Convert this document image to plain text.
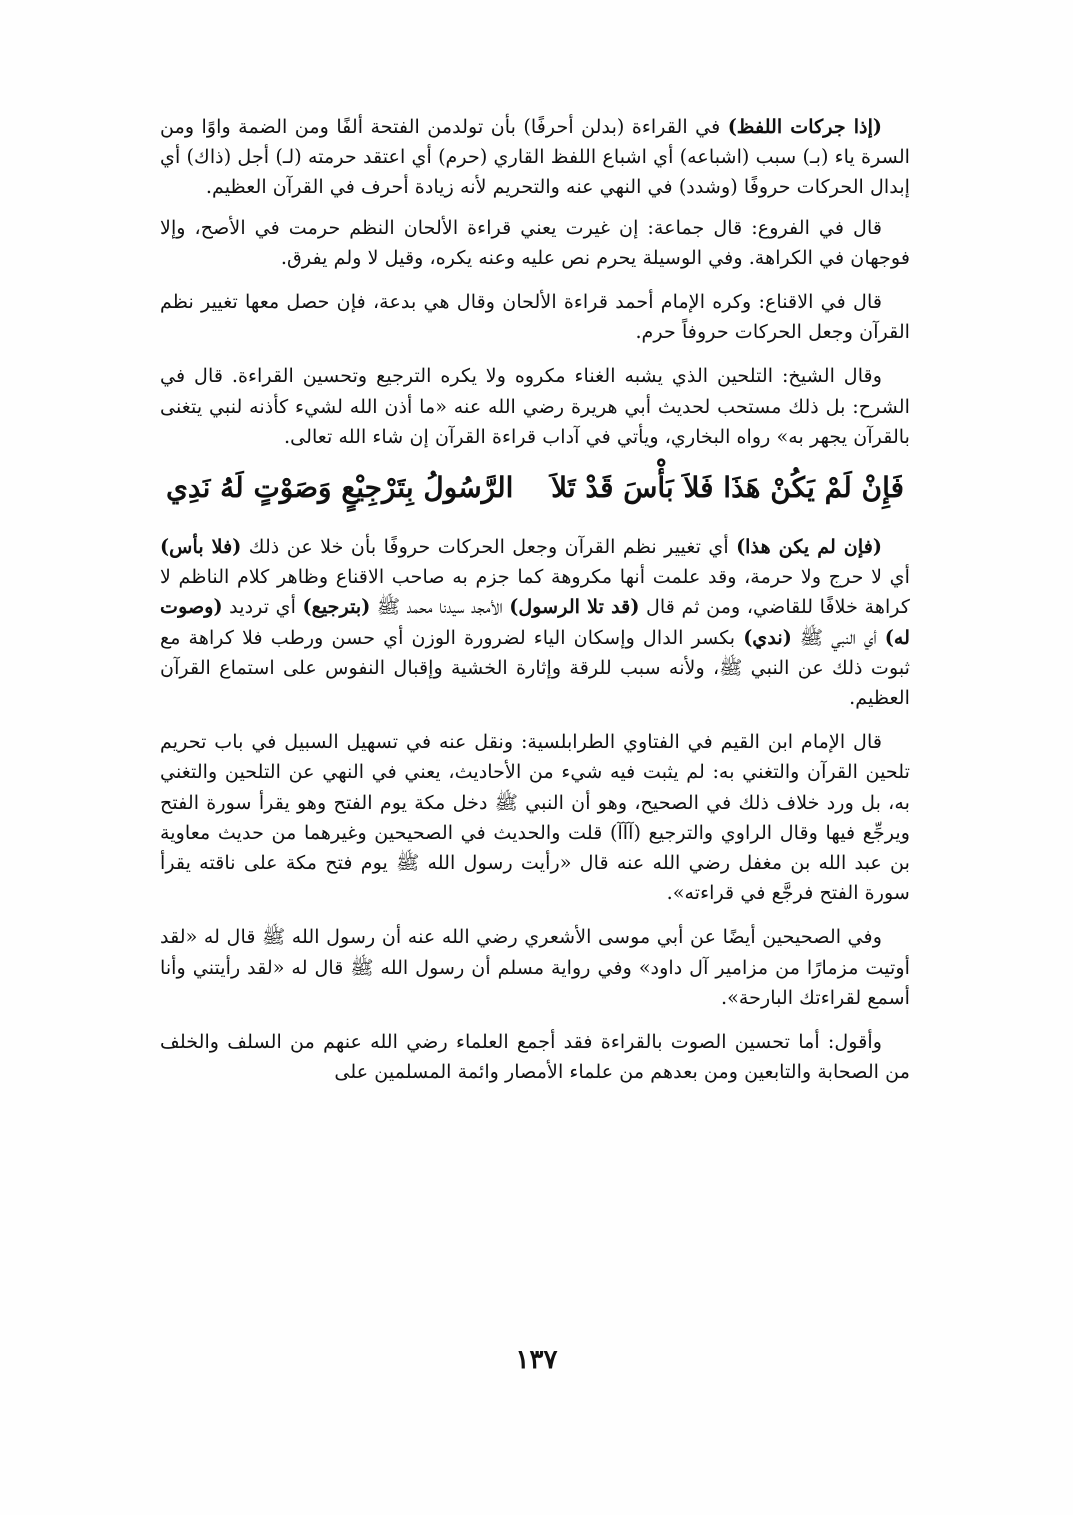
(إذا جركات اللفظ) في القراءة (بدلن أحرفًا) بأن تولدمن الفتحة ألفًا ومن الضمة واوًا ومن السرة ياء (بـ) سبب (اشباعه) أي اشباع اللفظ القاري (حرم) أي اعتقد حرمته (لـ) أجل (ذاك) أي إبدال الحركات حروفًا (وشدد) في النهي عنه والتحريم لأنه زيادة أحرف في القرآن العظيم.

قال في الفروع: قال جماعة: إن غيرت يعني قراءة الألحان النظم حرمت في الأصح، وإلا فوجهان في الكراهة. وفي الوسيلة يحرم نص عليه وعنه يكره، وقيل لا ولم يفرق.

قال في الاقناع: وكره الإمام أحمد قراءة الألحان وقال هي بدعة، فإن حصل معها تغيير نظم القرآن وجعل الحركات حروفاً حرم.

وقال الشيخ: التلحين الذي يشبه الغناء مكروه ولا يكره الترجيع وتحسين القراءة. قال في الشرح: بل ذلك مستحب لحديث أبي هريرة رضي الله عنه «ما أذن الله لشيء كأذنه لنبي يتغنى بالقرآن يجهر به» رواه البخاري، ويأتي في آداب قراءة القرآن إن شاء الله تعالى.

فَإِنْ لَمْ يَكُنْ هَذَا فَلاَ بَأْسَ قَدْ تَلاَ
الرَّسُولُ بِتَرْجِيْعٍ وَصَوْتٍ لَهُ نَدِي

(فإن لم يكن هذا) أي تغيير نظم القرآن وجعل الحركات حروفًا بأن خلا عن ذلك (فلا بأس) أي لا حرج ولا حرمة، وقد علمت أنها مكروهة كما جزم به صاحب الاقناع وظاهر كلام الناظم لا كراهة خلافًا للقاضي، ومن ثم قال (قد تلا الرسول) الأمجد سيدنا محمد ﷺ (بترجيع) أي ترديد (وصوت له) أي النبي ﷺ (ندي) بكسر الدال وإسكان الياء لضرورة الوزن أي حسن ورطب فلا كراهة مع ثبوت ذلك عن النبي ﷺ، ولأنه سبب للرقة وإثارة الخشية وإقبال النفوس على استماع القرآن العظيم.

قال الإمام ابن القيم في الفتاوي الطرابلسية: ونقل عنه في تسهيل السبيل في باب تحريم تلحين القرآن والتغني به: لم يثبت فيه شيء من الأحاديث، يعني في النهي عن التلحين والتغني به، بل ورد خلاف ذلك في الصحيح، وهو أن النبي ﷺ دخل مكة يوم الفتح وهو يقرأ سورة الفتح ويرجِّع فيها وقال الراوي والترجيع (آآآ) قلت والحديث في الصحيحين وغيرهما من حديث معاوية بن عبد الله بن مغفل رضي الله عنه قال «رأيت رسول الله ﷺ يوم فتح مكة على ناقته يقرأ سورة الفتح فرجَّع في قراءته».

وفي الصحيحين أيضًا عن أبي موسى الأشعري رضي الله عنه أن رسول الله ﷺ قال له «لقد أوتيت مزمارًا من مزامير آل داود» وفي رواية مسلم أن رسول الله ﷺ قال له «لقد رأيتني وأنا أسمع لقراءتك البارحة».

وأقول: أما تحسين الصوت بالقراءة فقد أجمع العلماء رضي الله عنهم من السلف والخلف من الصحابة والتابعين ومن بعدهم من علماء الأمصار وائمة المسلمين على

١٣٧
